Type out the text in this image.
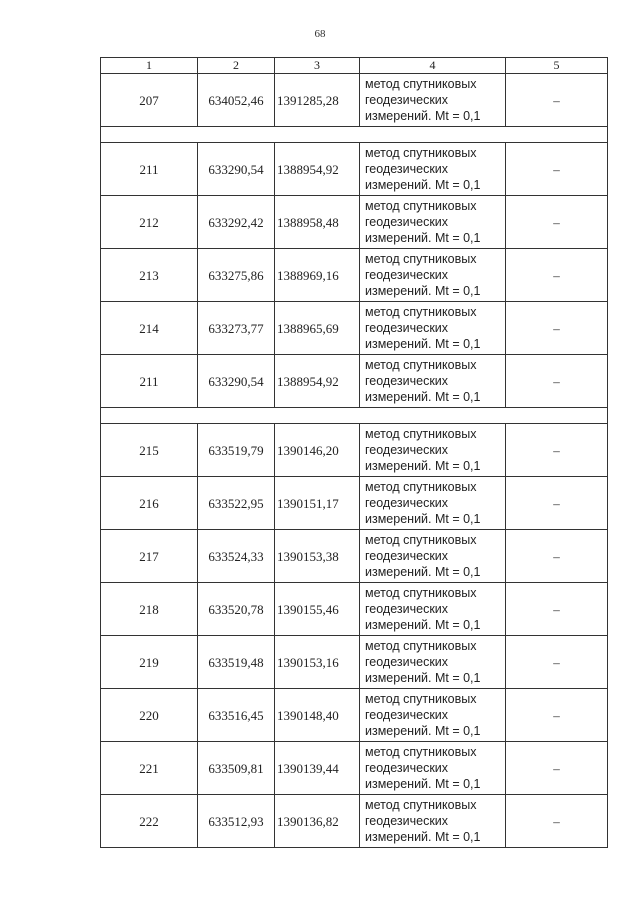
68
1	2	3	4	5
207	634052,46	1391285,28	метод спутниковых
геодезических
измерений. Mt = 0,1	–

211	633290,54	1388954,92	метод спутниковых
геодезических
измерений. Mt = 0,1	–
212	633292,42	1388958,48	метод спутниковых
геодезических
измерений. Mt = 0,1	–
213	633275,86	1388969,16	метод спутниковых
геодезических
измерений. Mt = 0,1	–
214	633273,77	1388965,69	метод спутниковых
геодезических
измерений. Mt = 0,1	–
211	633290,54	1388954,92	метод спутниковых
геодезических
измерений. Mt = 0,1	–

215	633519,79	1390146,20	метод спутниковых
геодезических
измерений. Mt = 0,1	–
216	633522,95	1390151,17	метод спутниковых
геодезических
измерений. Mt = 0,1	–
217	633524,33	1390153,38	метод спутниковых
геодезических
измерений. Mt = 0,1	–
218	633520,78	1390155,46	метод спутниковых
геодезических
измерений. Mt = 0,1	–
219	633519,48	1390153,16	метод спутниковых
геодезических
измерений. Mt = 0,1	–
220	633516,45	1390148,40	метод спутниковых
геодезических
измерений. Mt = 0,1	–
221	633509,81	1390139,44	метод спутниковых
геодезических
измерений. Mt = 0,1	–
222	633512,93	1390136,82	метод спутниковых
геодезических
измерений. Mt = 0,1	–
